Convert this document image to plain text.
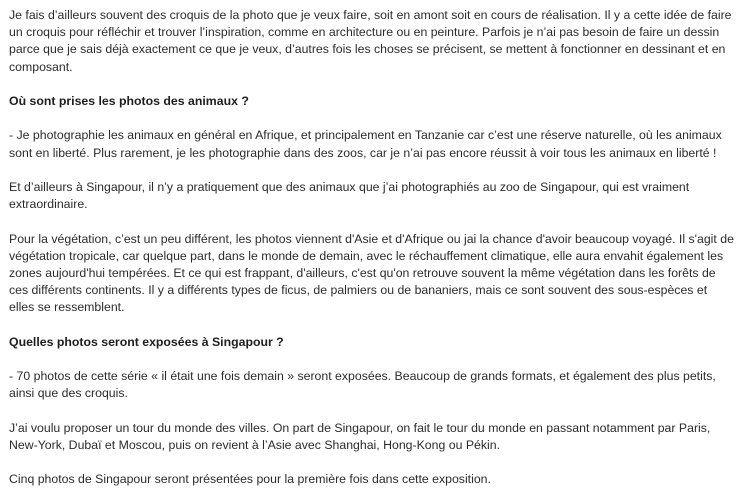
Je fais d’ailleurs souvent des croquis de la photo que je veux faire, soit en amont soit en cours de réalisation. Il y a cette idée de faire un croquis pour réfléchir et trouver l’inspiration, comme en architecture ou en peinture. Parfois je n’ai pas besoin de faire un dessin parce que je sais déjà exactement ce que je veux, d’autres fois les choses se précisent, se mettent à fonctionner en dessinant et en composant.

Où sont prises les photos des animaux ?

- Je photographie les animaux en général en Afrique, et principalement en Tanzanie car c’est une réserve naturelle, où les animaux sont en liberté. Plus rarement, je les photographie dans des zoos, car je n’ai pas encore réussit à voir tous les animaux en liberté !

Et d’ailleurs à Singapour, il n’y a pratiquement que des animaux que j’ai photographiés au zoo de Singapour, qui est vraiment extraordinaire.

Pour la végétation, c’est un peu différent, les photos viennent d'Asie et d'Afrique ou jai la chance d'avoir beaucoup voyagé. Il s'agit de végétation tropicale, car quelque part, dans le monde de demain, avec le réchauffement climatique, elle aura envahit également les zones aujourd'hui tempérées. Et ce qui est frappant, d'ailleurs, c'est qu'on retrouve souvent la même végétation dans les forêts de ces différents continents. Il y a différents types de ficus, de palmiers ou de bananiers, mais ce sont souvent des sous-espèces et elles se ressemblent.

Quelles photos seront exposées à Singapour ?

- 70 photos de cette série « il était une fois demain » seront exposées. Beaucoup de grands formats, et également des plus petits, ainsi que des croquis.

J’ai voulu proposer un tour du monde des villes. On part de Singapour, on fait le tour du monde en passant notamment par Paris, New-York, Dubaï et Moscou, puis on revient à l’Asie avec Shanghai, Hong-Kong ou Pékin.

Cinq photos de Singapour seront présentées pour la première fois dans cette exposition.
